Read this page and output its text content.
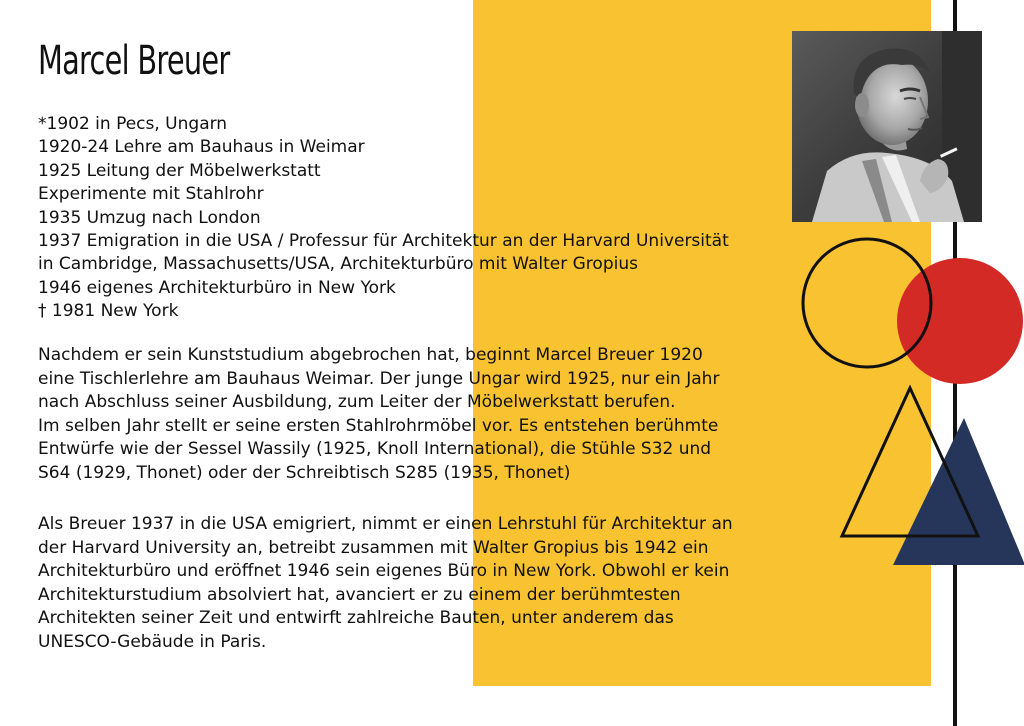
Marcel Breuer
*1902 in Pecs, Ungarn
1920-24 Lehre am Bauhaus in Weimar
1925 Leitung der Möbelwerkstatt
Experimente mit Stahlrohr
1935 Umzug nach London
1937 Emigration in die USA / Professur für Architektur an der Harvard Universität
in Cambridge, Massachusetts/USA, Architekturbüro mit Walter Gropius
1946 eigenes Architekturbüro in New York
† 1981 New York

Nachdem er sein Kunststudium abgebrochen hat, beginnt Marcel Breuer 1920
eine Tischlerlehre am Bauhaus Weimar. Der junge Ungar wird 1925, nur ein Jahr
nach Abschluss seiner Ausbildung, zum Leiter der Möbelwerkstatt berufen.
Im selben Jahr stellt er seine ersten Stahlrohrmöbel vor. Es entstehen berühmte
Entwürfe wie der Sessel Wassily (1925, Knoll International), die Stühle S32 und
S64 (1929, Thonet) oder der Schreibtisch S285 (1935, Thonet)

Als Breuer 1937 in die USA emigriert, nimmt er einen Lehrstuhl für Architektur an
der Harvard University an, betreibt zusammen mit Walter Gropius bis 1942 ein
Architekturbüro und eröffnet 1946 sein eigenes Büro in New York. Obwohl er kein
Architekturstudium absolviert hat, avanciert er zu einem der berühmtesten
Architekten seiner Zeit und entwirft zahlreiche Bauten, unter anderem das
UNESCO-Gebäude in Paris.
